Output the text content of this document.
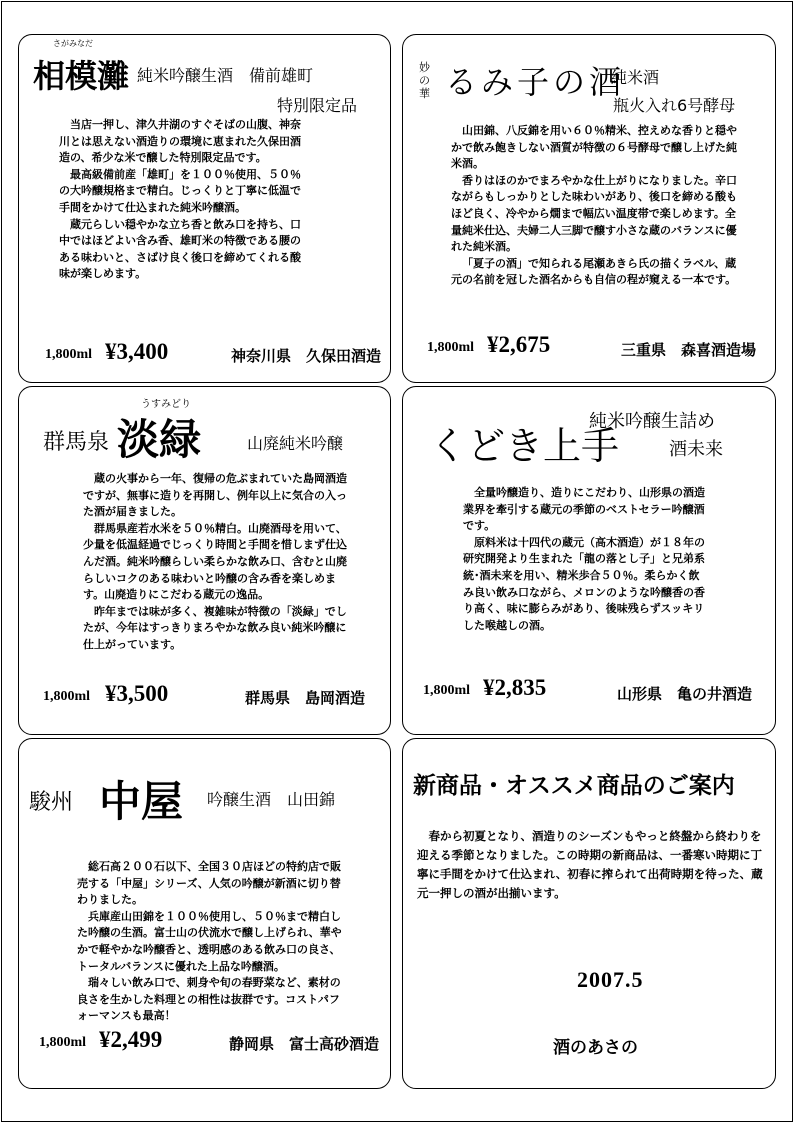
さがみなだ
相模灘 純米吟醸生酒　備前雄町
特別限定品

当店一押し、津久井湖のすぐそばの山腹、神奈川とは思えない酒造りの環境に恵まれた久保田酒造の、希少な米で醸した特別限定品です。

最高級備前産「雄町」を１００％使用、５０％の大吟醸規格まで精白。じっくりと丁寧に低温で手間をかけて仕込まれた純米吟醸酒。

蔵元らしい穏やかな立ち香と飲み口を持ち、口中ではほどよい含み香、雄町米の特徴である腰のある味わいと、さばけ良く後口を締めてくれる酸味が楽しめます。

1,800ml ¥3,400	神奈川県　久保田酒造
妙の華 るみ子の酒
純米酒
瓶火入れ6号酵母

山田錦、八反錦を用い６０％精米、控えめな香りと穏やかで飲み飽きしない酒質が特徴の６号酵母で醸し上げた純米酒。

香りはほのかでまろやかな仕上がりになりました。辛口ながらもしっかりとした味わいがあり、後口を締める酸もほど良く、冷やから燗まで幅広い温度帯で楽しめます。全量純米仕込、夫婦二人三脚で醸す小さな蔵のバランスに優れた純米酒。

「夏子の酒」で知られる尾瀬あきら氏の描くラベル、蔵元の名前を冠した酒名からも自信の程が窺える一本です。

1,800ml ¥2,675	三重県　森喜酒造場
群馬泉
うすみどり
淡緑	山廃純米吟醸

蔵の火事から一年、復帰の危ぶまれていた島岡酒造ですが、無事に造りを再開し、例年以上に気合の入った酒が届きました。

群馬県産若水米を５０％精白。山廃酒母を用いて、少量を低温経過でじっくり時間と手間を惜しまず仕込んだ酒。純米吟醸らしい柔らかな飲み口、含むと山廃らしいコクのある味わいと吟醸の含み香を楽しめます。山廃造りにこだわる蔵元の逸品。

昨年までは味が多く、複雑味が特徴の「淡緑」でしたが、今年はすっきりまろやかな飲み良い純米吟醸に仕上がっています。

1,800ml ¥3,500	群馬県　島岡酒造
くどき上手
純米吟醸生詰め
酒未来

全量吟醸造り、造りにこだわり、山形県の酒造業界を牽引する蔵元の季節のベストセラー吟醸酒です。

原料米は十四代の蔵元（高木酒造）が１８年の研究開発より生まれた「龍の落とし子」と兄弟系統･酒未来を用い、精米歩合５０％。柔らかく飲み良い飲み口ながら、メロンのような吟醸香の香り高く、味に膨らみがあり、後味残らずスッキリした喉越しの酒。

1,800ml ¥2,835	山形県　亀の井酒造
駿州 中屋 吟醸生酒　山田錦

総石高２００石以下、全国３０店ほどの特約店で販売する「中屋」シリーズ、人気の吟醸が新酒に切り替わりました。

兵庫産山田錦を１００％使用し、５０％まで精白した吟醸の生酒。富士山の伏流水で醸し上げられ、華やかで軽やかな吟醸香と、透明感のある飲み口の良さ、トータルバランスに優れた上品な吟醸酒。

瑞々しい飲み口で、刺身や旬の春野菜など、素材の良さを生かした料理との相性は抜群です。コストパフォーマンスも最高！

1,800ml ¥2,499	静岡県　富士高砂酒造
新商品・オススメ商品のご案内

春から初夏となり、酒造りのシーズンもやっと終盤から終わりを迎える季節となりました。この時期の新商品は、一番寒い時期に丁寧に手間をかけて仕込まれ、初春に搾られて出荷時期を待った、蔵元一押しの酒が出揃います。

2007.5
酒のあさの
